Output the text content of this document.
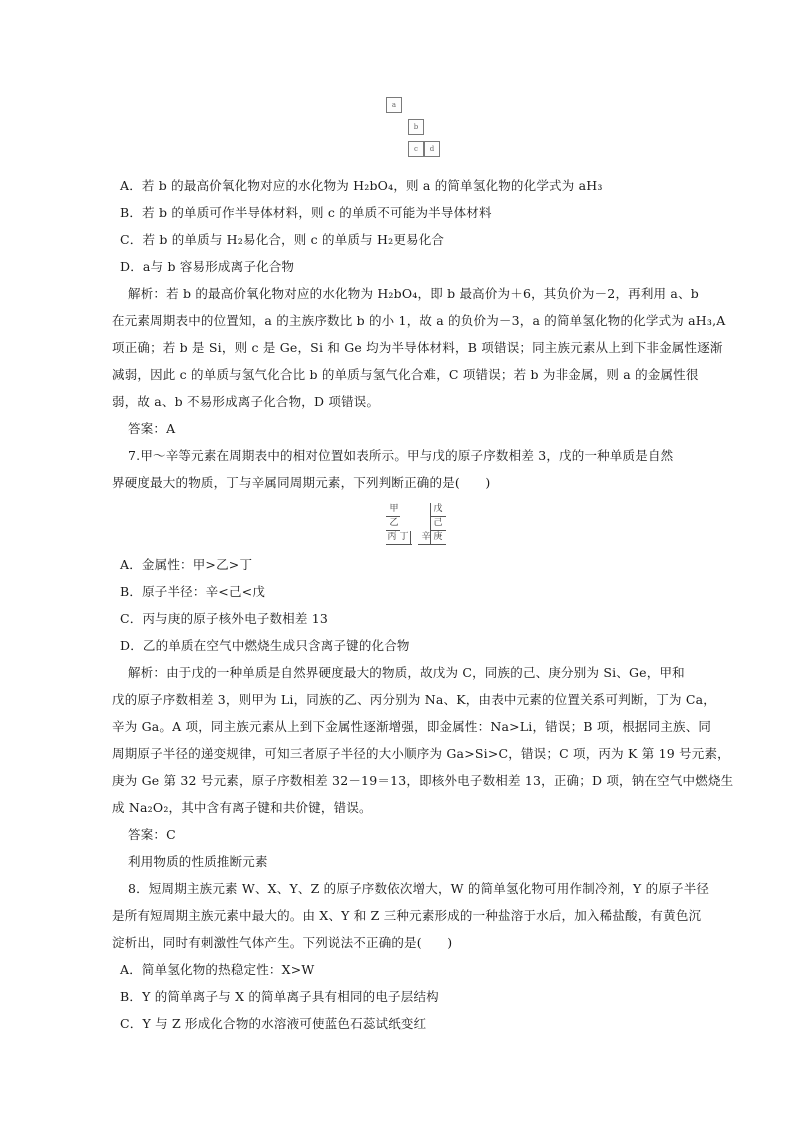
a
b
c	d
A．若 b 的最高价氧化物对应的水化物为 H₂bO₄，则 a 的简单氢化物的化学式为 aH₃
B．若 b 的单质可作半导体材料，则 c 的单质不可能为半导体材料
C．若 b 的单质与 H₂易化合，则 c 的单质与 H₂更易化合
D．a与 b 容易形成离子化合物
解析：若 b 的最高价氧化物对应的水化物为 H₂bO₄，即 b 最高价为＋6，其负价为－2，再利用 a、b
在元素周期表中的位置知，a 的主族序数比 b 的小 1，故 a 的负价为－3，a 的简单氢化物的化学式为 aH₃,A
项正确；若 b 是 Si，则 c 是 Ge，Si 和 Ge 均为半导体材料，B 项错误；同主族元素从上到下非金属性逐渐
减弱，因此 c 的单质与氢气化合比 b 的单质与氢气化合难，C 项错误；若 b 为非金属，则 a 的金属性很
弱，故 a、b 不易形成离子化合物，D 项错误。
答案：A
7.甲～辛等元素在周期表中的相对位置如表所示。甲与戊的原子序数相差 3，戊的一种单质是自然
界硬度最大的物质，丁与辛属同周期元素，下列判断正确的是(　　)
甲	戊
乙	己
丙 丁 辛 庚
A．金属性：甲>乙>丁
B．原子半径：辛<己<戊
C．丙与庚的原子核外电子数相差 13
D．乙的单质在空气中燃烧生成只含离子键的化合物
解析：由于戊的一种单质是自然界硬度最大的物质，故戊为 C，同族的己、庚分别为 Si、Ge，甲和
戊的原子序数相差 3，则甲为 Li，同族的乙、丙分别为 Na、K，由表中元素的位置关系可判断，丁为 Ca，
辛为 Ga。A 项，同主族元素从上到下金属性逐渐增强，即金属性：Na>Li，错误；B 项，根据同主族、同
周期原子半径的递变规律，可知三者原子半径的大小顺序为 Ga>Si>C，错误；C 项，丙为 K 第 19 号元素，
庚为 Ge 第 32 号元素，原子序数相差 32－19＝13，即核外电子数相差 13，正确；D 项，钠在空气中燃烧生
成 Na₂O₂，其中含有离子键和共价键，错误。
答案：C
利用物质的性质推断元素
8．短周期主族元素 W、X、Y、Z 的原子序数依次增大，W 的简单氢化物可用作制冷剂，Y 的原子半径
是所有短周期主族元素中最大的。由 X、Y 和 Z 三种元素形成的一种盐溶于水后，加入稀盐酸，有黄色沉
淀析出，同时有刺激性气体产生。下列说法不正确的是(　　)
A．简单氢化物的热稳定性：X>W
B．Y 的简单离子与 X 的简单离子具有相同的电子层结构
C．Y 与 Z 形成化合物的水溶液可使蓝色石蕊试纸变红
